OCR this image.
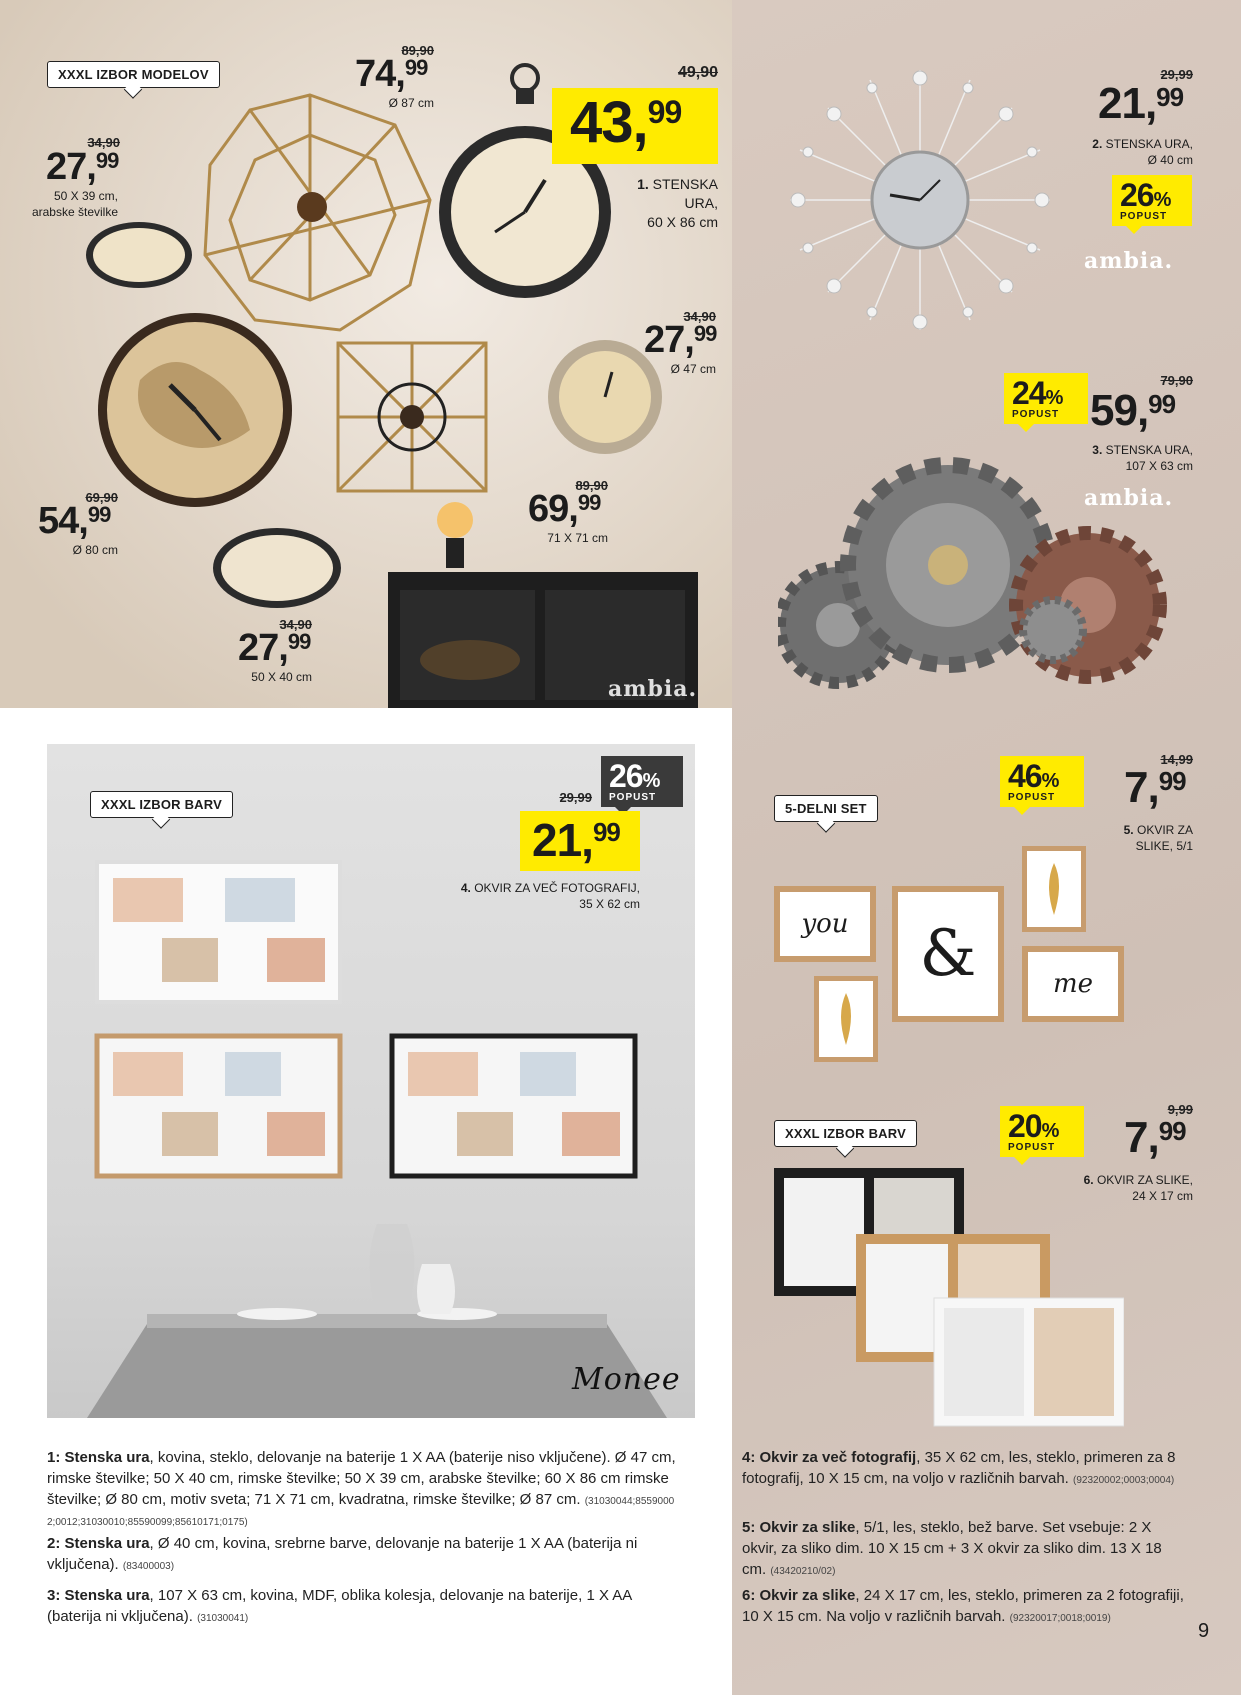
XXXL IZBOR MODELOV
34,90
27,99
50 X 39 cm,
arabske številke
89,90
74,99
Ø 87 cm
49,90
43,99
1. STENSKA
URA,
60 X 86 cm
34,90
27,99
Ø 47 cm
69,90
54,99
Ø 80 cm
89,90
69,99
71 X 71 cm
34,90
27,99
50 X 40 cm	ambia.
29,99
21,99
2. STENSKA URA,
Ø 40 cm
26%
POPUST
ambia.
24%
POPUST
79,90
59,99
3. STENSKA URA,
107 X 63 cm
ambia.
Monee
XXXL IZBOR BARV
26%
POPUST
29,99
21,99
4. OKVIR ZA VEČ FOTOGRAFIJ,
35 X 62 cm
5-DELNI SET
46%
POPUST
14,99
7,99
5. OKVIR ZA
SLIKE, 5/1
you	&	me
XXXL IZBOR BARV	20%
POPUST
9,99
7,99
6. OKVIR ZA SLIKE,
24 X 17 cm
1: Stenska ura, kovina, steklo, delovanje na baterije 1 X AA (baterije niso vključene). Ø 47 cm, rimske številke; 50 X 40 cm, rimske številke; 50 X 39 cm, arabske številke; 60 X 86 cm rimske številke; Ø 80 cm, motiv sveta; 71 X 71 cm, kvadratna, rimske številke; Ø 87 cm. (31030044;8559000 2;0012;31030010;85590099;85610171;0175)
2: Stenska ura, Ø 40 cm, kovina, srebrne barve, delovanje na baterije 1 X AA (baterija ni vključena). (83400003)
3: Stenska ura, 107 X 63 cm, kovina, MDF, oblika kolesja, delovanje na baterije, 1 X AA (baterija ni vključena). (31030041)
4: Okvir za več fotografij, 35 X 62 cm, les, steklo, primeren za 8 fotografij, 10 X 15 cm, na voljo v različnih barvah. (92320002;0003;0004)
5: Okvir za slike, 5/1, les, steklo, bež barve. Set vsebuje: 2 X okvir, za sliko dim. 10 X 15 cm + 3 X okvir za sliko dim. 13 X 18 cm. (43420210/02)
6: Okvir za slike, 24 X 17 cm, les, steklo, primeren za 2 fotografiji, 10 X 15 cm. Na voljo v različnih barvah. (92320017;0018;0019)
9
